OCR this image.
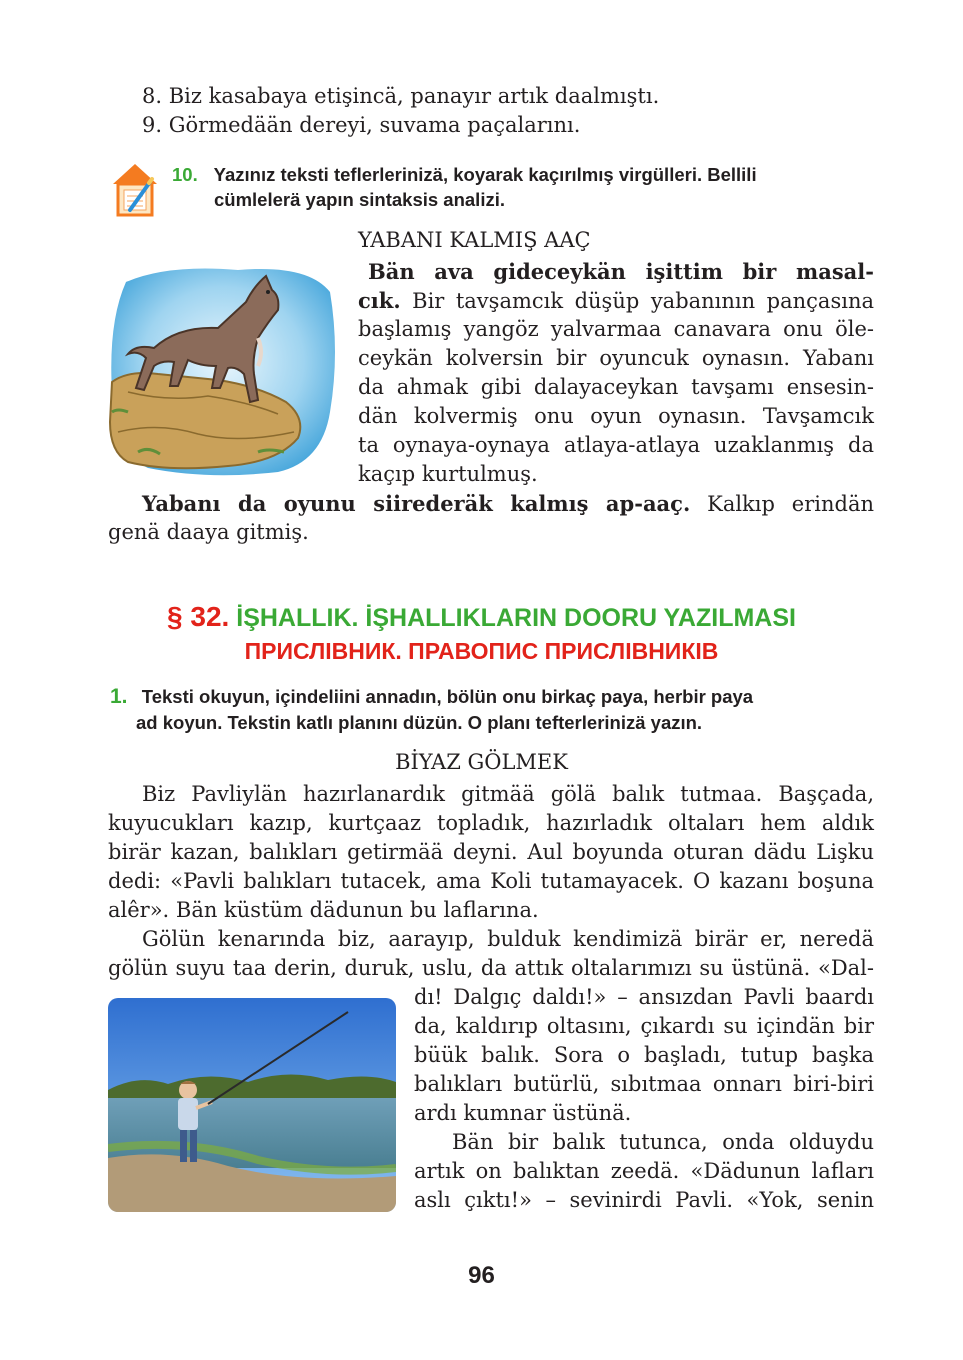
8. Biz kasabaya etişincä, panayır artık daalmıştı.
9. Görmedään dereyi, suvama paçalarını.
10. Yazınız teksti teflerlerinizä, koyarak kaçırılmış virgülleri. Bellili
cümlelerä yapın sintaksis analizi.
YABANI KALMIŞ AAÇ
Bän ava gideceykän işittim bir masal-
cık. Bir tavşamcık düşüp yabanının pançasına
başlamış yangöz yalvarmaa canavara onu öle-
ceykän kolversin bir oyuncuk oynasın. Yabanı
da ahmak gibi dalayaceykan tavşamı ensesin-
dän kolvermiş onu oyun oynasın. Tavşamcık
ta oynaya-oynaya atlaya-atlaya uzaklanmış da
kaçıp kurtulmuş.
Yabanı da oyunu siirederäk kalmış ap-aaç. Kalkıp erindän
genä daaya gitmiş.
§ 32. İŞHALLIK. İŞHALLIKLARIN DOORU YAZILMASI
ПРИСЛІВНИК. ПРАВОПИС ПРИСЛІВНИКІВ
1. Teksti okuyun, içindeliini annadın, bölün onu birkaç paya, herbir paya
ad koyun. Tekstin katlı planını düzün. O planı tefterlerinizä yazın.
BİYAZ GÖLMEK
Biz Pavliylän hazırlanardık gitmää gölä balık tutmaa. Başçada,
kuyucukları kazıp, kurtçaaz topladık, hazırladık oltaları hem aldık
birär kazan, balıkları getirmää deyni. Aul boyunda oturan dädu Lişku
dedi: «Pavli balıkları tutacek, ama Koli tutamayacek. O kazanı boşuna
alêr». Bän küstüm dädunun bu laflarına.
Gölün kenarında biz, aarayıp, bulduk kendimizä birär er, neredä
gölün suyu taa derin, duruk, uslu, da attık oltalarımızı su üstünä. «Dal-
dı! Dalgıç daldı!» – ansızdan Pavli baardı
da, kaldırıp oltasını, çıkardı su içindän bir
büük balık. Sora o başladı, tutup başka
balıkları butürlü, sıbıtmaa onnarı biri-biri
ardı kumnar üstünä.
Bän bir balık tutunca, onda olduydu
artık on balıktan zeedä. «Dädunun lafları
aslı çıktı!» – sevinirdi Pavli. «Yok, senin
96
